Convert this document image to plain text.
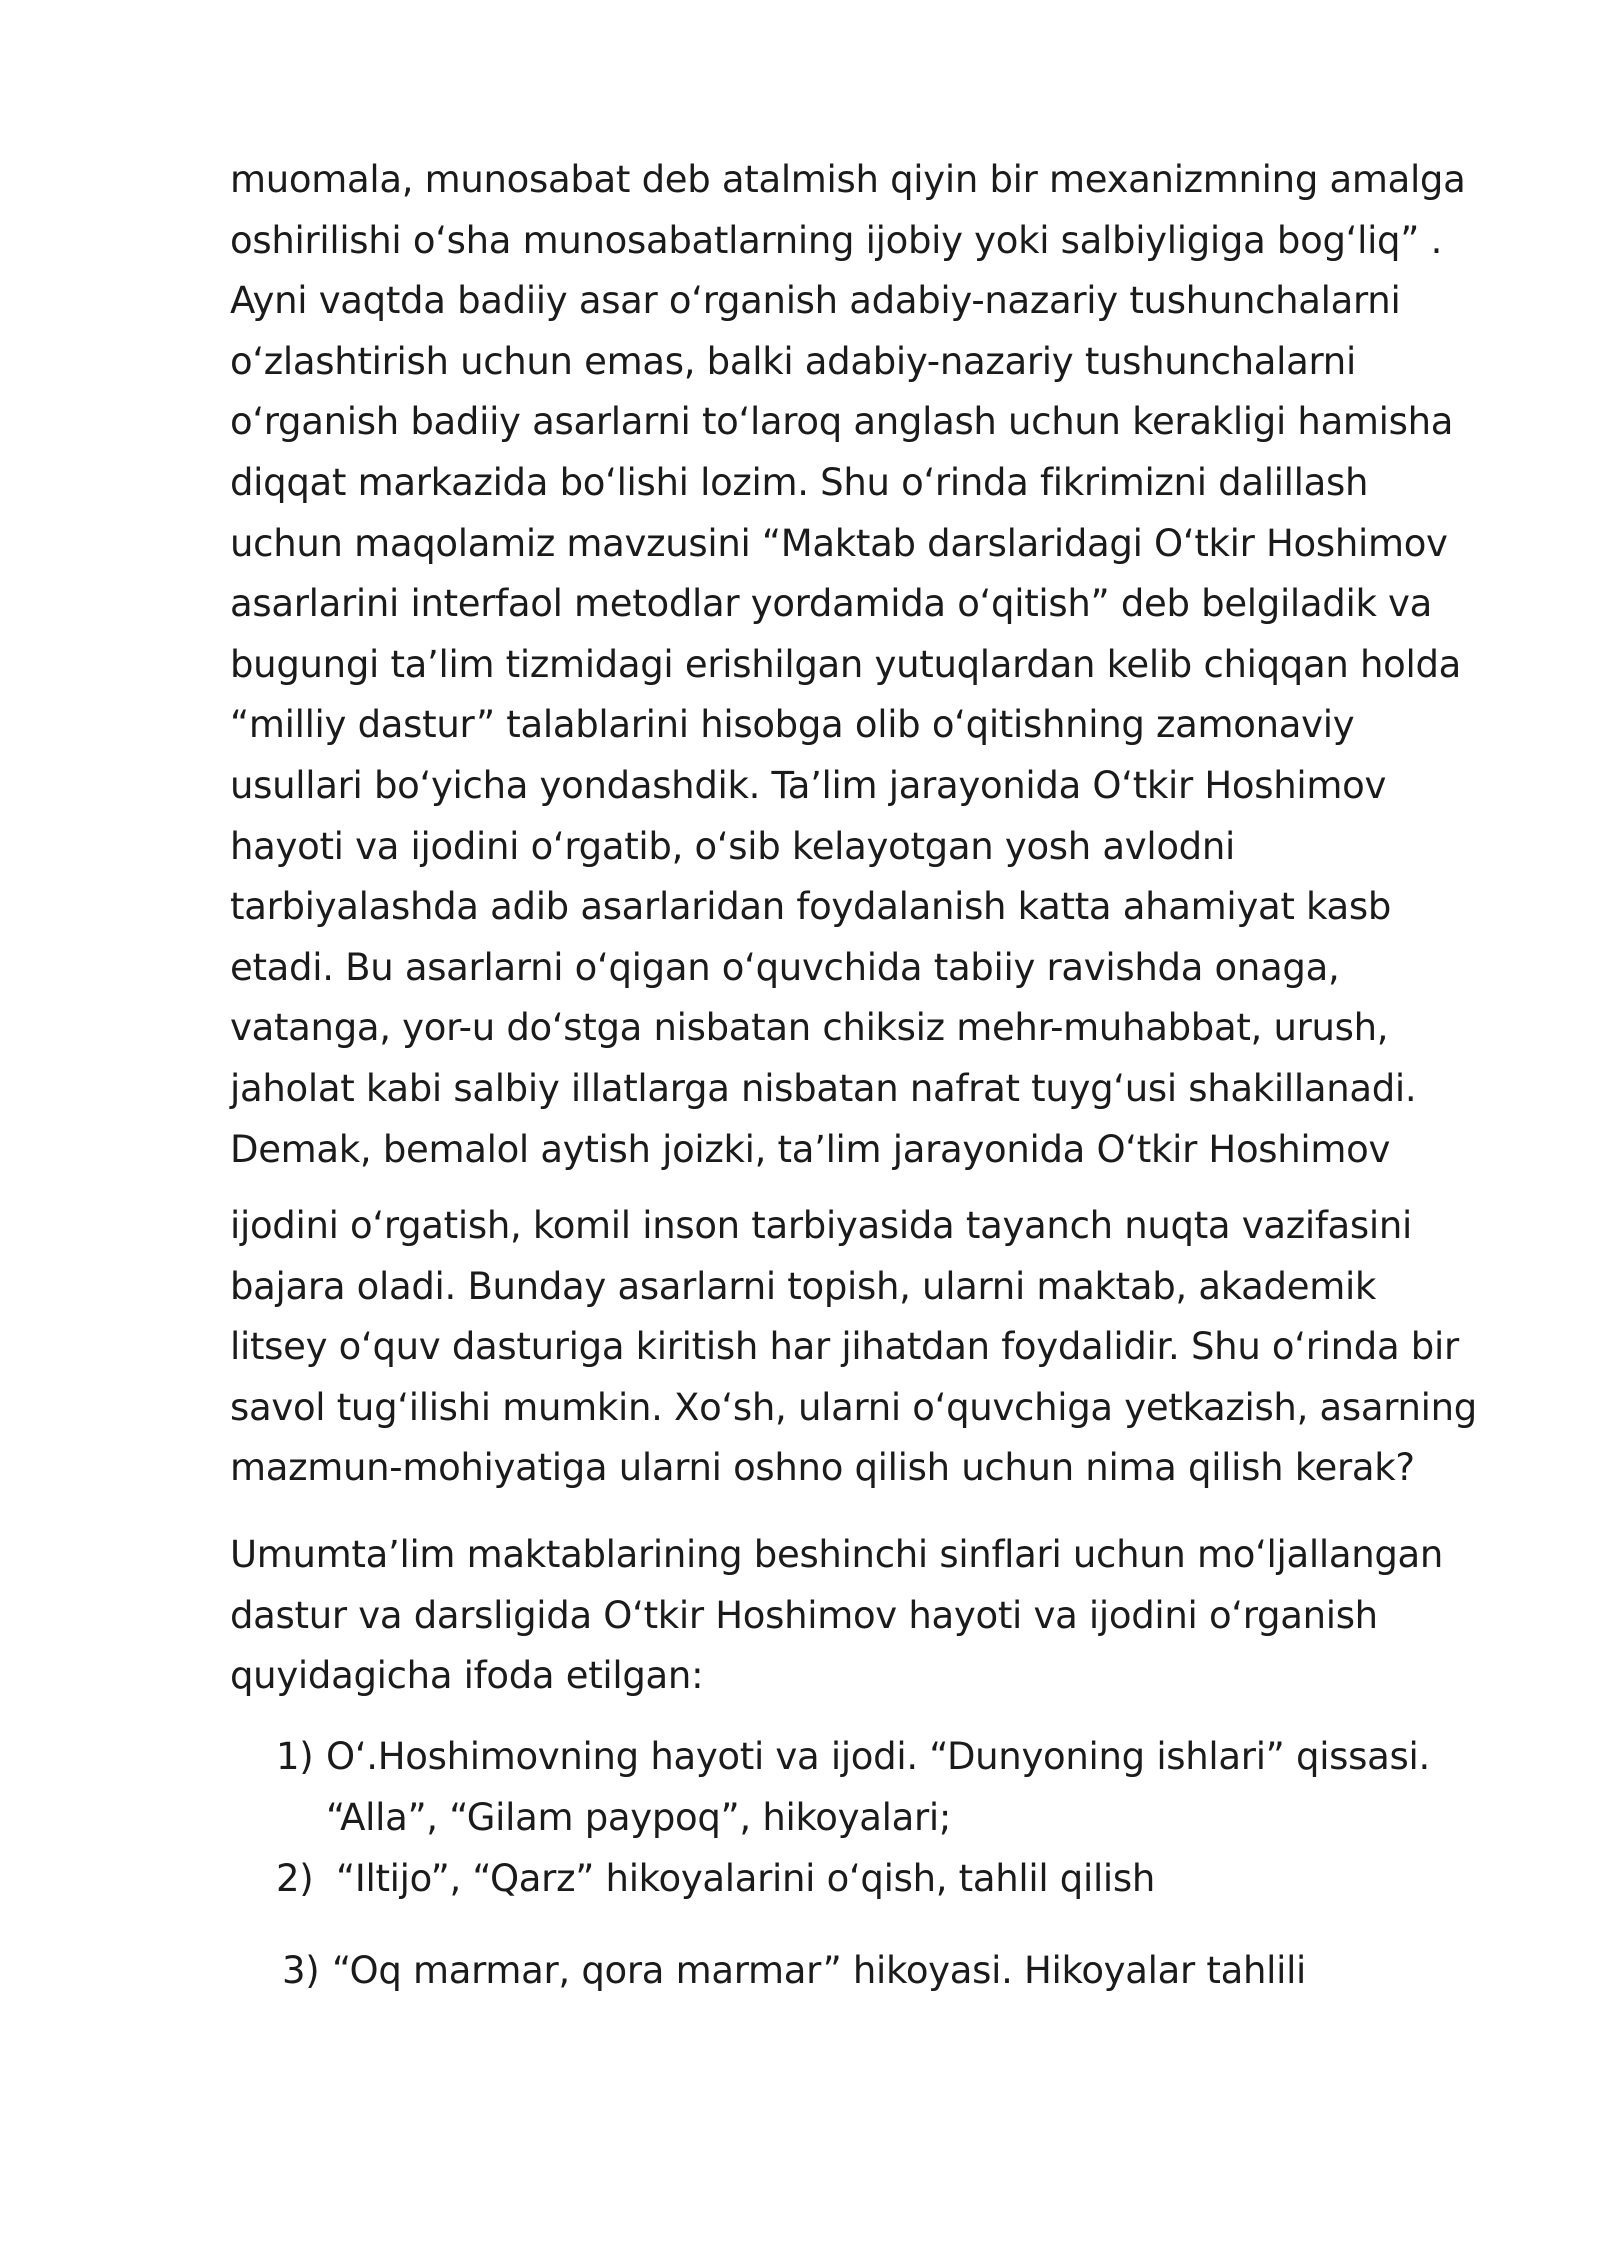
muomala, munosabat deb atalmish qiyin bir mexanizmning amalga
oshirilishi oʻsha munosabatlarning ijobiy yoki salbiyligiga bogʻliq” .
Ayni vaqtda badiiy asar oʻrganish adabiy-nazariy tushunchalarni
oʻzlashtirish uchun emas, balki adabiy-nazariy tushunchalarni
oʻrganish badiiy asarlarni toʻlaroq anglash uchun kerakligi hamisha
diqqat markazida boʻlishi lozim. Shu oʻrinda fikrimizni dalillash
uchun maqolamiz mavzusini “Maktab darslaridagi Oʻtkir Hoshimov
asarlarini interfaol metodlar yordamida oʻqitish” deb belgiladik va
bugungi ta’lim tizmidagi erishilgan yutuqlardan kelib chiqqan holda
“milliy dastur” talablarini hisobga olib oʻqitishning zamonaviy
usullari boʻyicha yondashdik. Ta’lim jarayonida Oʻtkir Hoshimov
hayoti va ijodini oʻrgatib, oʻsib kelayotgan yosh avlodni
tarbiyalashda adib asarlaridan foydalanish katta ahamiyat kasb
etadi. Bu asarlarni oʻqigan oʻquvchida tabiiy ravishda onaga,
vatanga, yor-u doʻstga nisbatan chiksiz mehr-muhabbat, urush,
jaholat kabi salbiy illatlarga nisbatan nafrat tuygʻusi shakillanadi.
Demak, bemalol aytish joizki, ta’lim jarayonida Oʻtkir Hoshimov
ijodini oʻrgatish, komil inson tarbiyasida tayanch nuqta vazifasini
bajara oladi. Bunday asarlarni topish, ularni maktab, akademik
litsey oʻquv dasturiga kiritish har jihatdan foydalidir. Shu oʻrinda bir
savol tugʻilishi mumkin. Xoʻsh, ularni oʻquvchiga yetkazish, asarning
mazmun-mohiyatiga ularni oshno qilish uchun nima qilish kerak?
Umumta’lim maktablarining beshinchi sinflari uchun moʻljallangan
dastur va darsligida Oʻtkir Hoshimov hayoti va ijodini oʻrganish
quyidagicha ifoda etilgan:
1) Oʻ.Hoshimovning hayoti va ijodi. “Dunyoning ishlari” qissasi.
“Alla”, “Gilam paypoq”, hikoyalari;
2) “Iltijo”, “Qarz” hikoyalarini oʻqish, tahlil qilish
3) “Oq marmar, qora marmar” hikoyasi. Hikoyalar tahlili
